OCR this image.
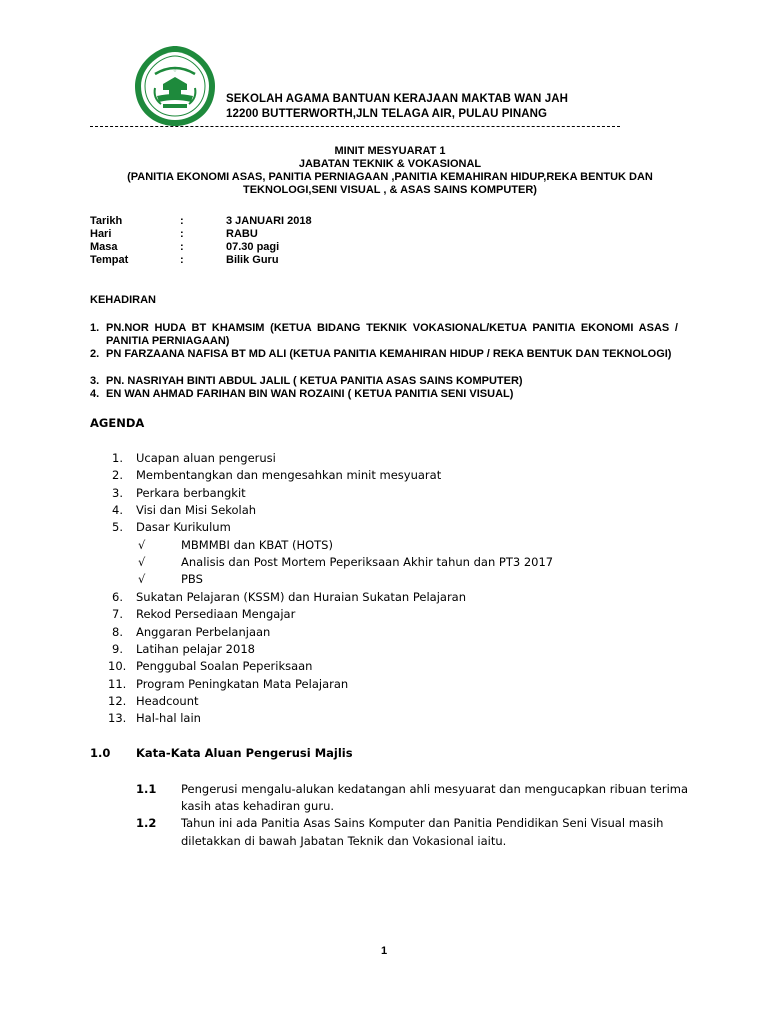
۞
SEKOLAH AGAMA BANTUAN KERAJAAN MAKTAB WAN JAH
12200 BUTTERWORTH,JLN TELAGA AIR, PULAU PINANG
MINIT MESYUARAT 1
JABATAN TEKNIK & VOKASIONAL
(PANITIA EKONOMI ASAS, PANITIA PERNIAGAAN ,PANITIA KEMAHIRAN HIDUP,REKA BENTUK DAN
TEKNOLOGI,SENI VISUAL , & ASAS SAINS KOMPUTER)
Tarikh	:	3 JANUARI 2018
Hari	:	RABU
Masa	:	07.30 pagi
Tempat	:	Bilik Guru
KEHADIRAN
1. PN.NOR HUDA BT KHAMSIM (KETUA BIDANG TEKNIK VOKASIONAL/KETUA PANITIA EKONOMI ASAS / PANITIA PERNIAGAAN)
2. PN FARZAANA NAFISA BT MD ALI (KETUA PANITIA KEMAHIRAN HIDUP / REKA BENTUK DAN TEKNOLOGI)
3. PN. NASRIYAH BINTI ABDUL JALIL ( KETUA PANITIA ASAS SAINS KOMPUTER)
4. EN WAN AHMAD FARIHAN BIN WAN ROZAINI ( KETUA PANITIA SENI VISUAL)
AGENDA
1. Ucapan aluan pengerusi
2. Membentangkan dan mengesahkan minit mesyuarat
3. Perkara berbangkit
4. Visi dan Misi Sekolah
5. Dasar Kurikulum
√	MBMMBI dan KBAT (HOTS)
√	Analisis dan Post Mortem Peperiksaan Akhir tahun dan PT3 2017
√	PBS
6. Sukatan Pelajaran (KSSM) dan Huraian Sukatan Pelajaran
7. Rekod Persediaan Mengajar
8. Anggaran Perbelanjaan
9. Latihan pelajar 2018
10. Penggubal Soalan Peperiksaan
11. Program Peningkatan Mata Pelajaran
12. Headcount
13. Hal-hal lain
1.0 Kata-Kata Aluan Pengerusi Majlis
1.1 Pengerusi mengalu-alukan kedatangan ahli mesyuarat dan mengucapkan ribuan terima
kasih atas kehadiran guru.
1.2 Tahun ini ada Panitia Asas Sains Komputer dan Panitia Pendidikan Seni Visual masih
diletakkan di bawah Jabatan Teknik dan Vokasional iaitu.
1
